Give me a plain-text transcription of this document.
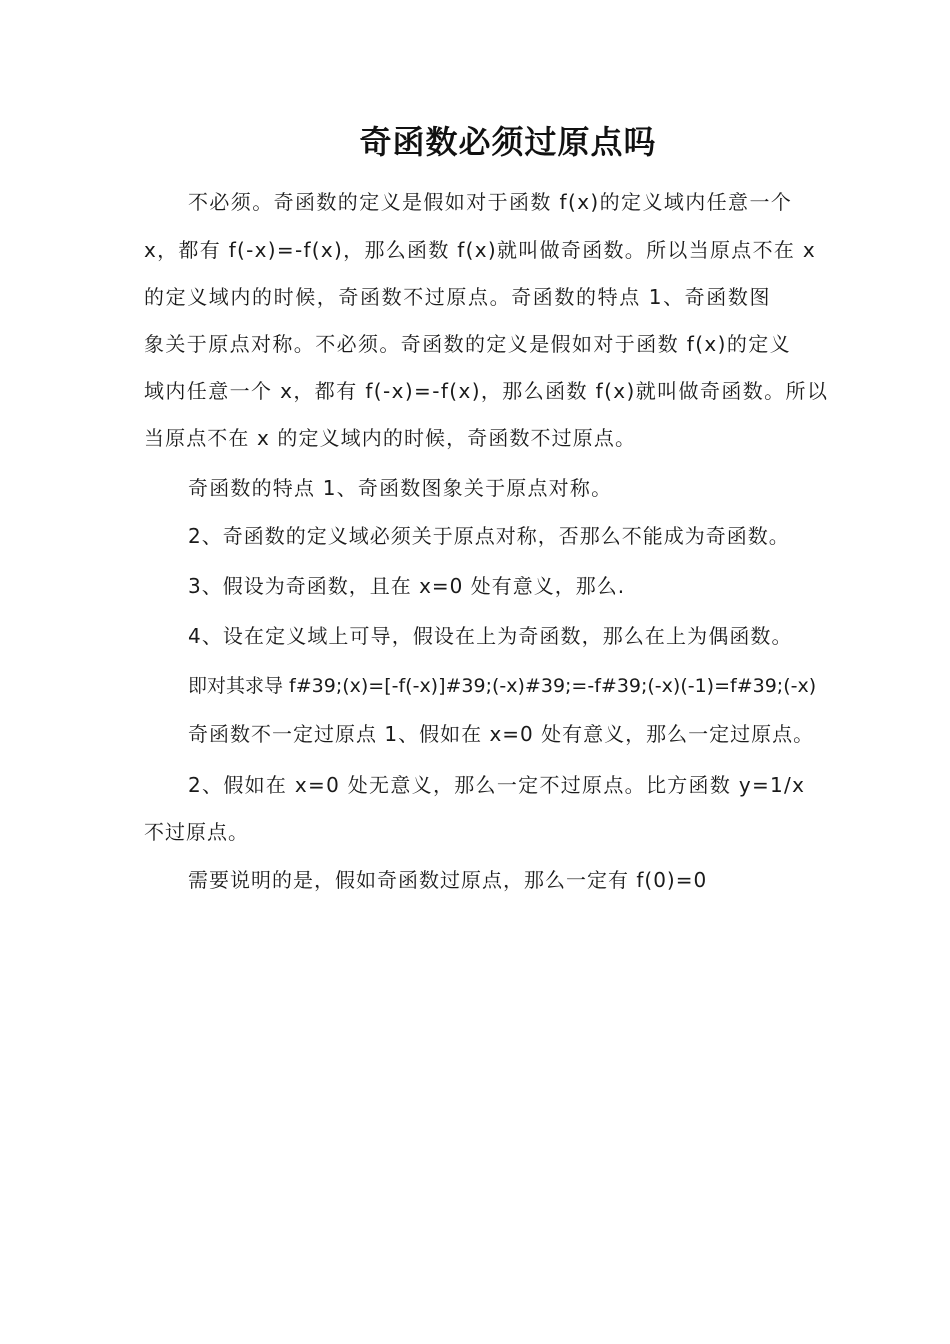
奇函数必须过原点吗
不必须。奇函数的定义是假如对于函数 f(x)的定义域内任意一个
x，都有 f(-x)=-f(x)，那么函数 f(x)就叫做奇函数。所以当原点不在 x
的定义域内的时候，奇函数不过原点。奇函数的特点 1、奇函数图
象关于原点对称。不必须。奇函数的定义是假如对于函数 f(x)的定义
域内任意一个 x，都有 f(-x)=-f(x)，那么函数 f(x)就叫做奇函数。所以
当原点不在 x 的定义域内的时候，奇函数不过原点。
奇函数的特点 1、奇函数图象关于原点对称。
2、奇函数的定义域必须关于原点对称，否那么不能成为奇函数。
3、假设为奇函数，且在 x=0 处有意义，那么.
4、设在定义域上可导，假设在上为奇函数，那么在上为偶函数。
即对其求导 f#39;(x)=[-f(-x)]#39;(-x)#39;=-f#39;(-x)(-1)=f#39;(-x)
奇函数不一定过原点 1、假如在 x=0 处有意义，那么一定过原点。
2、假如在 x=0 处无意义，那么一定不过原点。比方函数 y=1/x
不过原点。
需要说明的是，假如奇函数过原点，那么一定有 f(0)=0
